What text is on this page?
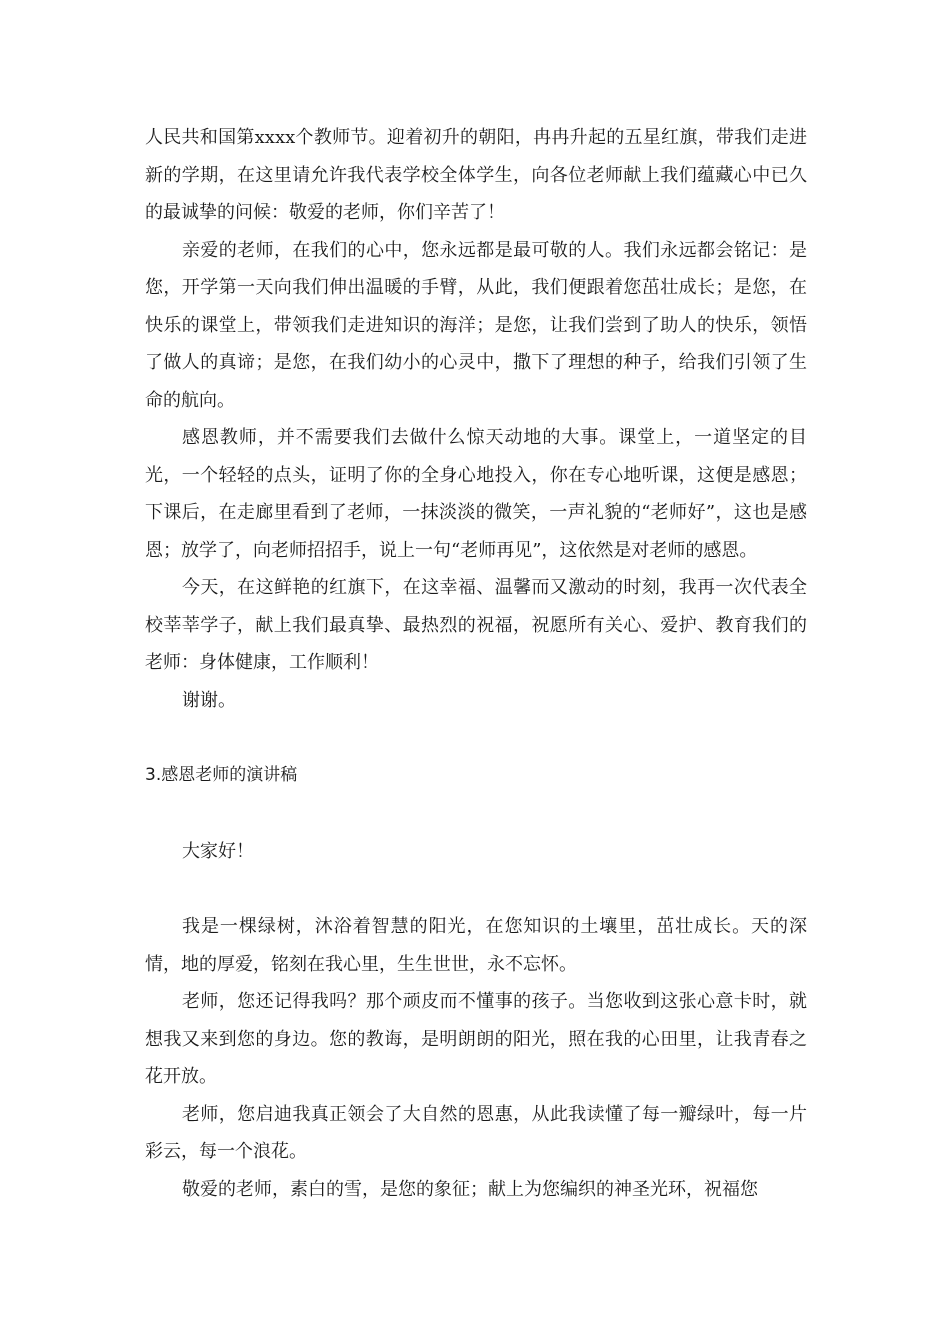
人民共和国第xxxx个教师节。迎着初升的朝阳，冉冉升起的五星红旗，带我们走进新的学期，在这里请允许我代表学校全体学生，向各位老师献上我们蕴藏心中已久的最诚挚的问候：敬爱的老师，你们辛苦了！

亲爱的老师，在我们的心中，您永远都是最可敬的人。我们永远都会铭记：是您，开学第一天向我们伸出温暖的手臂，从此，我们便跟着您茁壮成长；是您，在快乐的课堂上，带领我们走进知识的海洋；是您，让我们尝到了助人的快乐，领悟了做人的真谛；是您，在我们幼小的心灵中，撒下了理想的种子，给我们引领了生命的航向。

感恩教师，并不需要我们去做什么惊天动地的大事。课堂上，一道坚定的目光，一个轻轻的点头，证明了你的全身心地投入，你在专心地听课，这便是感恩；下课后，在走廊里看到了老师，一抹淡淡的微笑，一声礼貌的“老师好”，这也是感恩；放学了，向老师招招手，说上一句“老师再见”，这依然是对老师的感恩。

今天，在这鲜艳的红旗下，在这幸福、温馨而又激动的时刻，我再一次代表全校莘莘学子，献上我们最真挚、最热烈的祝福，祝愿所有关心、爱护、教育我们的老师：身体健康，工作顺利！

谢谢。

3.感恩老师的演讲稿

大家好！

我是一棵绿树，沐浴着智慧的阳光，在您知识的土壤里，茁壮成长。天的深情，地的厚爱，铭刻在我心里，生生世世，永不忘怀。

老师，您还记得我吗？那个顽皮而不懂事的孩子。当您收到这张心意卡时，就想我又来到您的身边。您的教诲，是明朗朗的阳光，照在我的心田里，让我青春之花开放。

老师，您启迪我真正领会了大自然的恩惠，从此我读懂了每一瓣绿叶，每一片彩云，每一个浪花。

敬爱的老师，素白的雪，是您的象征；献上为您编织的神圣光环，祝福您
